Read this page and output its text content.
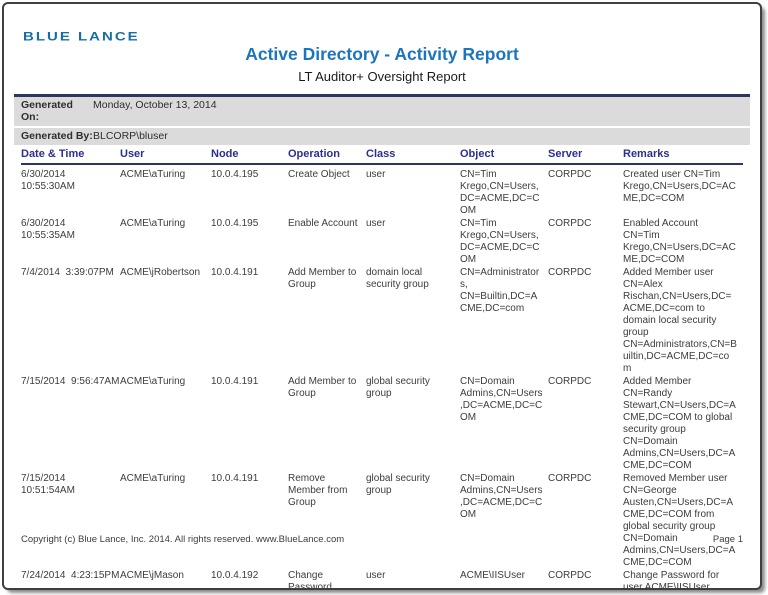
BLUE LANCE
Active Directory - Activity Report
LT Auditor+ Oversight Report
Generated On:
Monday, October 13, 2014
Generated By: BLCORP\bluser
Date & Time	User	Node	Operation	Class	Object	Server	Remarks
6/30/2014  10:55:30AM	ACME\aTuring	10.0.4.195	Create Object	user	CN=Tim Krego,CN=Users,DC=ACME,DC=COM	CORPDC	Created user CN=Tim Krego,CN=Users,DC=ACME,DC=COM
6/30/2014  10:55:35AM	ACME\aTuring	10.0.4.195	Enable Account	user	CN=Tim Krego,CN=Users,DC=ACME,DC=COM	CORPDC	Enabled Account CN=Tim Krego,CN=Users,DC=ACME,DC=COM
7/4/2014  3:39:07PM	ACME\jRobertson	10.0.4.191	Add Member to Group	domain local security group	CN=Administrators, CN=Builtin,DC=ACME,DC=com	CORPDC	Added Member user CN=Alex Rischan,CN=Users,DC=ACME,DC=com to domain local security group CN=Administrators,CN=Builtin,DC=ACME,DC=com
7/15/2014  9:56:47AM	ACME\aTuring	10.0.4.191	Add Member to Group	global security group	CN=Domain Admins,CN=Users,DC=ACME,DC=COM	CORPDC	Added Member CN=Randy Stewart,CN=Users,DC=ACME,DC=COM to global security group CN=Domain Admins,CN=Users,DC=ACME,DC=COM
7/15/2014  10:51:54AM	ACME\aTuring	10.0.4.191	Remove Member from Group	global security group	CN=Domain Admins,CN=Users,DC=ACME,DC=COM	CORPDC	Removed Member user CN=George Austen,CN=Users,DC=ACME,DC=COM from global security group CN=Domain Admins,CN=Users,DC=ACME,DC=COM
7/24/2014  4:23:15PM	ACME\jMason	10.0.4.192	Change Password	user	ACME\IISUser	CORPDC	Change Password for user ACME\IISUser
Copyright (c) Blue Lance, Inc. 2014. All rights reserved. www.BlueLance.com	Page 1
